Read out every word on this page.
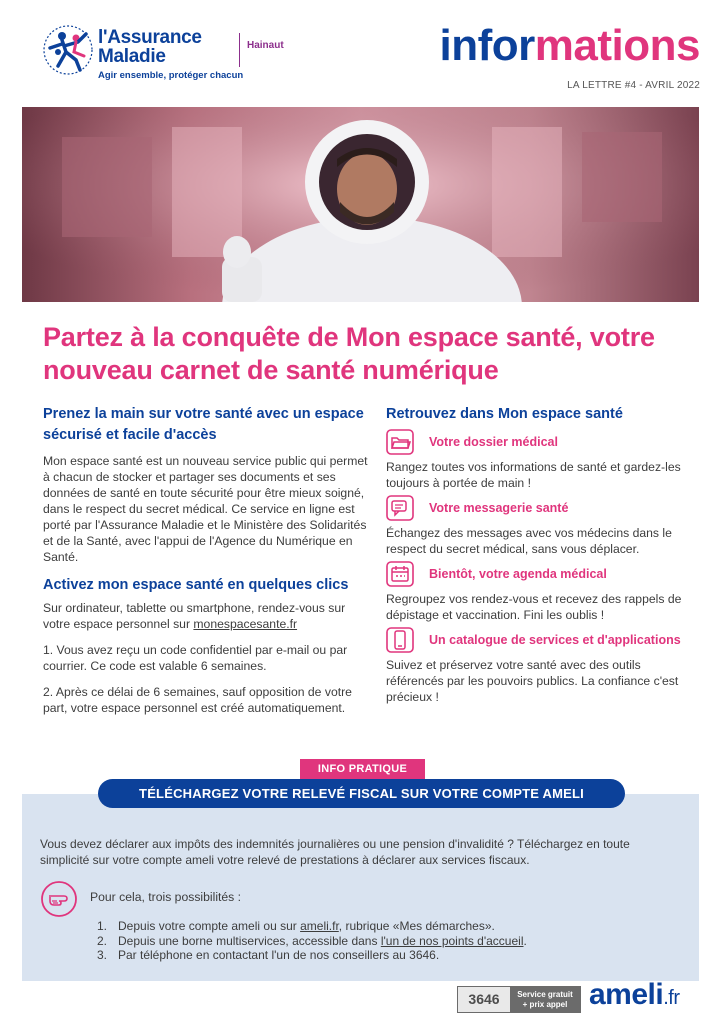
l'Assurance
Maladie
Agir ensemble, protéger chacun
Hainaut	informations
LA LETTRE #4 - AVRIL 2022
Partez à la conquête de Mon espace santé, votre nouveau carnet de santé numérique
Prenez la main sur votre santé avec un espace sécurisé et facile d'accès

Mon espace santé est un nouveau service public qui permet à chacun de stocker et partager ses documents et ses données de santé en toute sécurité pour être mieux soigné, dans le respect du secret médical. Ce service en ligne est porté par l'Assurance Maladie et le Ministère des Solidarités et de la Santé, avec l'appui de l'Agence du Numérique en Santé.

Activez mon espace santé en quelques clics

Sur ordinateur, tablette ou smartphone, rendez-vous sur votre espace personnel sur monespacesante.fr

1. Vous avez reçu un code confidentiel par e-mail ou par courrier. Ce code est valable 6 semaines.

2. Après ce délai de 6 semaines, sauf opposition de votre part, votre espace personnel est créé automatiquement.

Retrouvez dans Mon espace santé
Votre dossier médical

Rangez toutes vos informations de santé et gardez-les toujours à portée de main !

Votre messagerie santé

Échangez des messages avec vos médecins dans le respect du secret médical, sans vous déplacer.

Bientôt, votre agenda médical

Regroupez vos rendez-vous et recevez des rappels de dépistage et vaccination. Fini les oublis !

Un catalogue de services et d'applications

Suivez et préservez votre santé avec des outils référencés par les pouvoirs publics. La confiance c'est précieux !

INFO PRATIQUE
TÉLÉCHARGEZ VOTRE RELEVÉ FISCAL SUR VOTRE COMPTE AMELI

Vous devez déclarer aux impôts des indemnités journalières ou une pension d'invalidité ? Téléchargez en toute simplicité sur votre compte ameli votre relevé de prestations à déclarer aux services fiscaux.

Pour cela, trois possibilités :

1. Depuis votre compte ameli ou sur ameli.fr, rubrique «Mes démarches».
2. Depuis une borne multiservices, accessible dans l'un de nos points d'accueil.
3. Par téléphone en contactant l'un de nos conseillers au 3646.
3646	Service gratuit
+ prix appel ameli.fr
